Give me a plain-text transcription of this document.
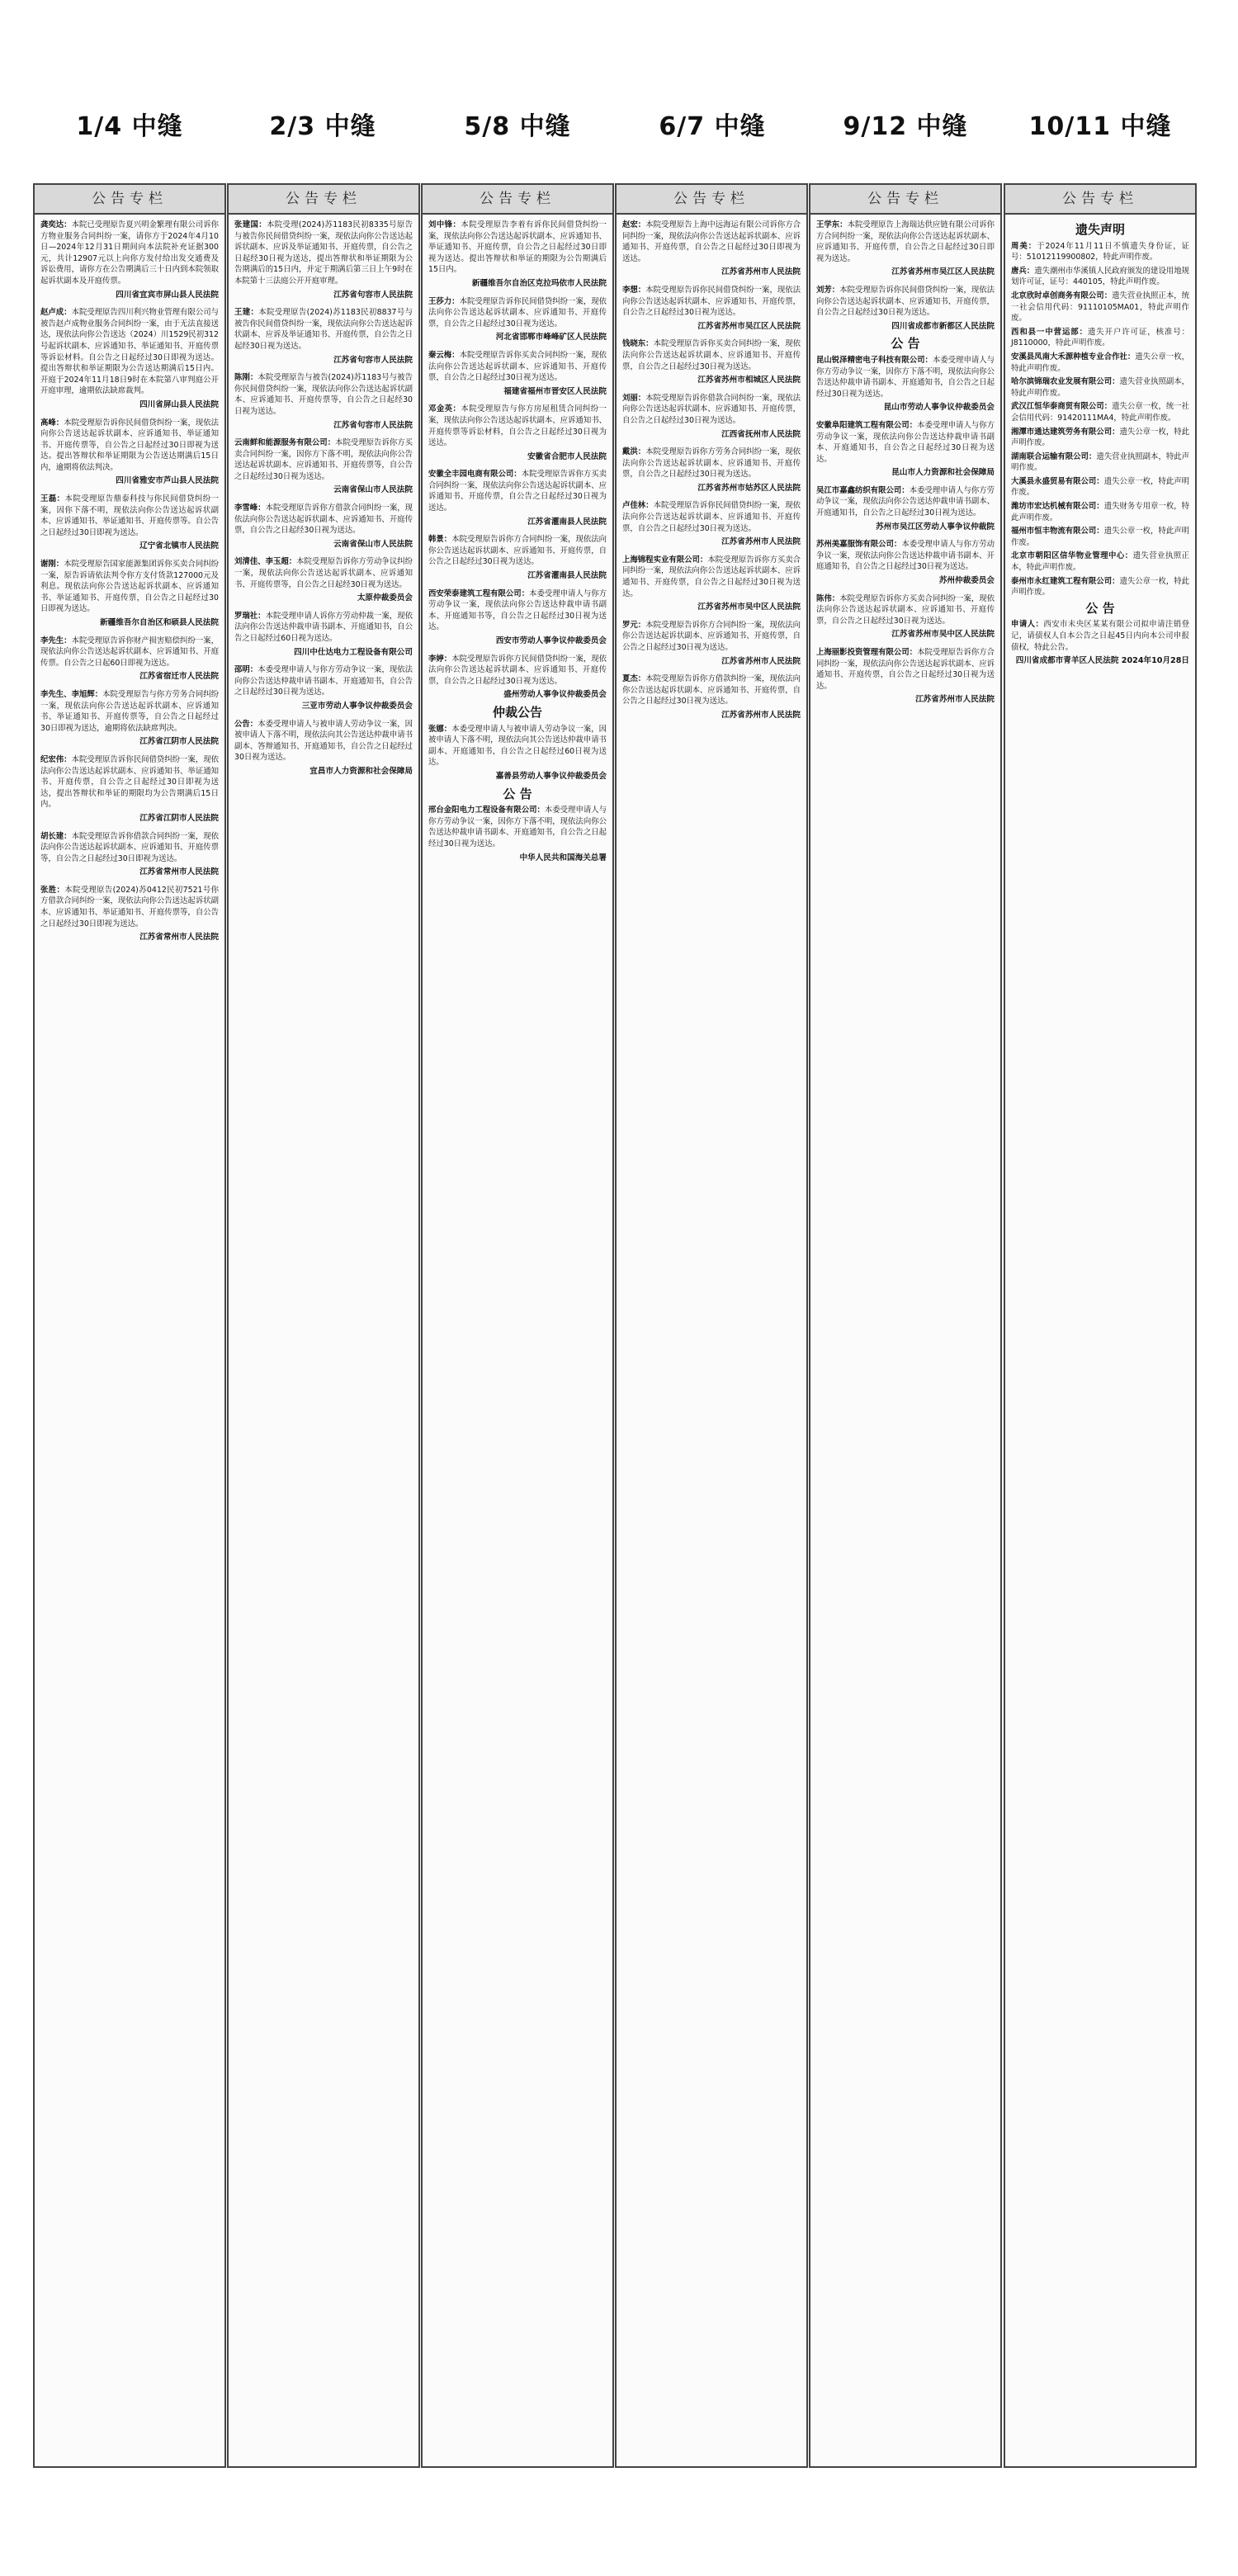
1/4 中缝	2/3 中缝	5/8 中缝	6/7 中缝	9/12 中缝	10/11 中缝
公告专栏

龚奕达：本院已受理原告夏兴明金繁理有限公司诉你方物业服务合同纠纷一案，请你方于2024年4月10日—2024年12月31日期间向本法院补充证据300元，共计12907元以上向你方发付给出发交通费及诉讼费用，请你方在公告期满后三十日内到本院领取起诉状副本及开庭传票。

四川省宜宾市屏山县人民法院

赵卢成：本院受理原告四川利兴物业管理有限公司与被告赵卢成物业服务合同纠纷一案，由于无法直接送达，现依法向你公告送达（2024）川1529民初312号起诉状副本、应诉通知书、举证通知书、开庭传票等诉讼材料。自公告之日起经过30日即视为送达。提出答辩状和举证期限为公告送达期满后15日内。开庭于2024年11月18日9时在本院第八审判庭公开开庭审理，逾期依法缺席裁判。

四川省屏山县人民法院

高峰：本院受理原告诉你民间借贷纠纷一案，现依法向你公告送达起诉状副本、应诉通知书、举证通知书、开庭传票等，自公告之日起经过30日即视为送达。提出答辩状和举证期限为公告送达期满后15日内，逾期将依法判决。

四川省雅安市芦山县人民法院

王磊：本院受理原告鼎泰科技与你民间借贷纠纷一案，因你下落不明，现依法向你公告送达起诉状副本、应诉通知书、举证通知书、开庭传票等。自公告之日起经过30日即视为送达。

辽宁省北镇市人民法院

谢刚：本院受理原告国家能源集团诉你买卖合同纠纷一案，原告诉请依法判令你方支付货款127000元及利息。现依法向你公告送达起诉状副本、应诉通知书、举证通知书、开庭传票，自公告之日起经过30日即视为送达。

新疆维吾尔自治区和硕县人民法院

李先生：本院受理原告诉你财产损害赔偿纠纷一案，现依法向你公告送达起诉状副本、应诉通知书、开庭传票。自公告之日起60日即视为送达。

江苏省宿迁市人民法院

李先生、李旭辉：本院受理原告与你方劳务合同纠纷一案，现依法向你公告送达起诉状副本、应诉通知书、举证通知书、开庭传票等，自公告之日起经过30日即视为送达，逾期将依法缺席判决。

江苏省江阴市人民法院

纪宏伟：本院受理原告诉你民间借贷纠纷一案，现依法向你公告送达起诉状副本、应诉通知书、举证通知书、开庭传票，自公告之日起经过30日即视为送达，提出答辩状和举证的期限均为公告期满后15日内。

江苏省江阴市人民法院

胡长建：本院受理原告诉你借款合同纠纷一案，现依法向你公告送达起诉状副本、应诉通知书、开庭传票等，自公告之日起经过30日即视为送达。

江苏省常州市人民法院

张胜：本院受理原告(2024)苏0412民初7521号你方借款合同纠纷一案，现依法向你公告送达起诉状副本、应诉通知书、举证通知书、开庭传票等，自公告之日起经过30日即视为送达。

江苏省常州市人民法院
公告专栏

张建国：本院受理(2024)苏1183民初8335号原告与被告你民间借贷纠纷一案，现依法向你公告送达起诉状副本、应诉及举证通知书、开庭传票，自公告之日起经30日视为送达，提出答辩状和举证期限为公告期满后的15日内，并定于期满后第三日上午9时在本院第十三法庭公开开庭审理。

江苏省句容市人民法院

王建：本院受理原告(2024)苏1183民初8837号与被告你民间借贷纠纷一案，现依法向你公告送达起诉状副本、应诉及举证通知书、开庭传票，自公告之日起经30日视为送达。

江苏省句容市人民法院

陈刚：本院受理原告与被告(2024)苏1183号与被告你民间借贷纠纷一案，现依法向你公告送达起诉状副本、应诉通知书、开庭传票等，自公告之日起经30日视为送达。

江苏省句容市人民法院

云南鲜和能源服务有限公司：本院受理原告诉你方买卖合同纠纷一案，因你方下落不明，现依法向你公告送达起诉状副本、应诉通知书、开庭传票等，自公告之日起经过30日视为送达。

云南省保山市人民法院

李雪峰：本院受理原告诉你方借款合同纠纷一案，现依法向你公告送达起诉状副本、应诉通知书、开庭传票，自公告之日起经30日视为送达。

云南省保山市人民法院

刘清佳、李玉超：本院受理原告诉你方劳动争议纠纷一案，现依法向你公告送达起诉状副本、应诉通知书、开庭传票等，自公告之日起经30日视为送达。

太原仲裁委员会

罗瑞社：本院受理申请人诉你方劳动仲裁一案，现依法向你公告送达仲裁申请书副本、开庭通知书，自公告之日起经过60日视为送达。

四川中仕达电力工程设备有限公司

邵明：本委受理申请人与你方劳动争议一案，现依法向你公告送达仲裁申请书副本、开庭通知书，自公告之日起经过30日视为送达。

三亚市劳动人事争议仲裁委员会

公告：本委受理申请人与被申请人劳动争议一案，因被申请人下落不明，现依法向其公告送达仲裁申请书副本、答辩通知书、开庭通知书，自公告之日起经过30日视为送达。

宜昌市人力资源和社会保障局
公告专栏

刘中锋：本院受理原告李着有诉你民间借贷纠纷一案，现依法向你公告送达起诉状副本、应诉通知书、举证通知书、开庭传票，自公告之日起经过30日即视为送达。提出答辩状和举证的期限为公告期满后15日内。

新疆维吾尔自治区克拉玛依市人民法院

王莎力：本院受理原告诉你民间借贷纠纷一案，现依法向你公告送达起诉状副本、应诉通知书、开庭传票，自公告之日起经过30日视为送达。

河北省邯郸市峰峰矿区人民法院

秦云梅：本院受理原告诉你买卖合同纠纷一案，现依法向你公告送达起诉状副本、应诉通知书、开庭传票，自公告之日起经过30日视为送达。

福建省福州市晋安区人民法院

邓金英：本院受理原告与你方房屋租赁合同纠纷一案，现依法向你公告送达起诉状副本、应诉通知书、开庭传票等诉讼材料，自公告之日起经过30日视为送达。

安徽省合肥市人民法院

安徽全丰园电商有限公司：本院受理原告诉你方买卖合同纠纷一案，现依法向你公告送达起诉状副本、应诉通知书、开庭传票，自公告之日起经过30日视为送达。

江苏省灌南县人民法院

韩景：本院受理原告诉你方合同纠纷一案，现依法向你公告送达起诉状副本、应诉通知书、开庭传票，自公告之日起经过30日视为送达。

江苏省灌南县人民法院

西安荣泰建筑工程有限公司：本委受理申请人与你方劳动争议一案，现依法向你公告送达仲裁申请书副本、开庭通知书等，自公告之日起经过30日视为送达。

西安市劳动人事争议仲裁委员会

李婷：本院受理原告诉你方民间借贷纠纷一案，现依法向你公告送达起诉状副本、应诉通知书、开庭传票，自公告之日起经过30日视为送达。

盛州劳动人事争议仲裁委员会
仲裁公告

张娜：本委受理申请人与被申请人劳动争议一案，因被申请人下落不明，现依法向其公告送达仲裁申请书副本、开庭通知书，自公告之日起经过60日视为送达。

嘉善县劳动人事争议仲裁委员会
公 告

邢台金阳电力工程设备有限公司：本委受理申请人与你方劳动争议一案，因你方下落不明，现依法向你公告送达仲裁申请书副本、开庭通知书，自公告之日起经过30日视为送达。

中华人民共和国海关总署
公告专栏

赵宏：本院受理原告上海中远海运有限公司诉你方合同纠纷一案，现依法向你公告送达起诉状副本、应诉通知书、开庭传票，自公告之日起经过30日即视为送达。

江苏省苏州市人民法院

李想：本院受理原告诉你民间借贷纠纷一案，现依法向你公告送达起诉状副本、应诉通知书、开庭传票，自公告之日起经过30日视为送达。

江苏省苏州市吴江区人民法院

钱晓东：本院受理原告诉你买卖合同纠纷一案，现依法向你公告送达起诉状副本、应诉通知书、开庭传票，自公告之日起经过30日视为送达。

江苏省苏州市相城区人民法院

刘丽：本院受理原告诉你借款合同纠纷一案，现依法向你公告送达起诉状副本、应诉通知书、开庭传票，自公告之日起经过30日视为送达。

江西省抚州市人民法院

戴洪：本院受理原告诉你方劳务合同纠纷一案，现依法向你公告送达起诉状副本、应诉通知书、开庭传票，自公告之日起经过30日视为送达。

江苏省苏州市姑苏区人民法院

卢佳林：本院受理原告诉你民间借贷纠纷一案，现依法向你公告送达起诉状副本、应诉通知书、开庭传票，自公告之日起经过30日视为送达。

江苏省苏州市人民法院

上海锦程实业有限公司：本院受理原告诉你方买卖合同纠纷一案，现依法向你公告送达起诉状副本、应诉通知书、开庭传票，自公告之日起经过30日视为送达。

江苏省苏州市吴中区人民法院

罗元：本院受理原告诉你方合同纠纷一案，现依法向你公告送达起诉状副本、应诉通知书、开庭传票，自公告之日起经过30日视为送达。

江苏省苏州市人民法院

夏杰：本院受理原告诉你方借款纠纷一案，现依法向你公告送达起诉状副本、应诉通知书、开庭传票，自公告之日起经过30日视为送达。

江苏省苏州市人民法院
公告专栏

王学东：本院受理原告上海瑞达供应链有限公司诉你方合同纠纷一案，现依法向你公告送达起诉状副本、应诉通知书、开庭传票，自公告之日起经过30日即视为送达。

江苏省苏州市吴江区人民法院

刘芳：本院受理原告诉你民间借贷纠纷一案，现依法向你公告送达起诉状副本、应诉通知书、开庭传票，自公告之日起经过30日视为送达。

四川省成都市新都区人民法院
公 告

昆山锐泽精密电子科技有限公司：本委受理申请人与你方劳动争议一案，因你方下落不明，现依法向你公告送达仲裁申请书副本、开庭通知书，自公告之日起经过30日视为送达。

昆山市劳动人事争议仲裁委员会

安徽阜阳建筑工程有限公司：本委受理申请人与你方劳动争议一案，现依法向你公告送达仲裁申请书副本、开庭通知书，自公告之日起经过30日视为送达。

昆山市人力资源和社会保障局

吴江市嘉鑫纺织有限公司：本委受理申请人与你方劳动争议一案，现依法向你公告送达仲裁申请书副本、开庭通知书，自公告之日起经过30日视为送达。

苏州市吴江区劳动人事争议仲裁院

苏州美嘉服饰有限公司：本委受理申请人与你方劳动争议一案，现依法向你公告送达仲裁申请书副本、开庭通知书，自公告之日起经过30日视为送达。

苏州仲裁委员会

陈伟：本院受理原告诉你方买卖合同纠纷一案，现依法向你公告送达起诉状副本、应诉通知书、开庭传票，自公告之日起经过30日视为送达。

江苏省苏州市吴中区人民法院

上海丽影投资管理有限公司：本院受理原告诉你方合同纠纷一案，现依法向你公告送达起诉状副本、应诉通知书、开庭传票，自公告之日起经过30日视为送达。

江苏省苏州市人民法院
公告专栏
遗失声明

周美：于2024年11月11日不慎遗失身份证，证号：51012119900802，特此声明作废。

唐兵：遗失潮州市华溪镇人民政府颁发的建设用地规划许可证，证号：440105，特此声明作废。

北京欣时卓创商务有限公司：遗失营业执照正本，统一社会信用代码：91110105MA01，特此声明作废。

西和县一中营运部：遗失开户许可证，核准号：J8110000，特此声明作废。

安溪县凤南大禾源种植专业合作社：遗失公章一枚，特此声明作废。

哈尔滨锦瑞农业发展有限公司：遗失营业执照副本，特此声明作废。

武汉江恒华泰商贸有限公司：遗失公章一枚，统一社会信用代码：91420111MA4，特此声明作废。

湘潭市通达建筑劳务有限公司：遗失公章一枚，特此声明作废。

湖南联合运输有限公司：遗失营业执照副本，特此声明作废。

大溪县永盛贸易有限公司：遗失公章一枚，特此声明作废。

潍坊市宏达机械有限公司：遗失财务专用章一枚，特此声明作废。

福州市恒丰物流有限公司：遗失公章一枚，特此声明作废。

北京市朝阳区信华物业管理中心：遗失营业执照正本，特此声明作废。

泰州市永红建筑工程有限公司：遗失公章一枚，特此声明作废。

公 告

申请人：西安市未央区某某有限公司拟申请注销登记，请债权人自本公告之日起45日内向本公司申报债权，特此公告。

四川省成都市青羊区人民法院 2024年10月28日
